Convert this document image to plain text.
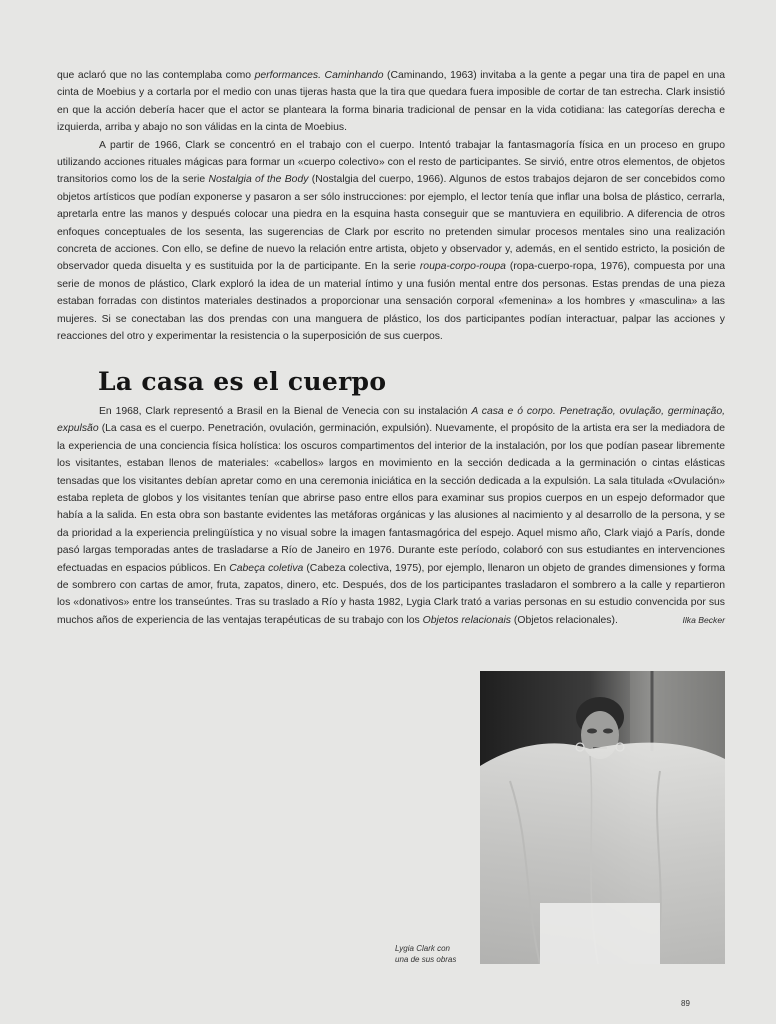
que aclaró que no las contemplaba como performances. Caminhando (Caminando, 1963) invitaba a la gente a pegar una tira de papel en una cinta de Moebius y a cortarla por el medio con unas tijeras hasta que la tira que quedara fuera imposible de cortar de tan estrecha. Clark insistió en que la acción debería hacer que el actor se planteara la forma binaria tradicional de pensar en la vida cotidiana: las categorías derecha e izquierda, arriba y abajo no son válidas en la cinta de Moebius.

A partir de 1966, Clark se concentró en el trabajo con el cuerpo. Intentó trabajar la fantasmagoría física en un proceso en grupo utilizando acciones rituales mágicas para formar un «cuerpo colectivo» con el resto de participantes. Se sirvió, entre otros elementos, de objetos transitorios como los de la serie Nostalgia of the Body (Nostalgia del cuerpo, 1966). Algunos de estos trabajos dejaron de ser concebidos como objetos artísticos que podían exponerse y pasaron a ser sólo instrucciones: por ejemplo, el lector tenía que inflar una bolsa de plástico, cerrarla, apretarla entre las manos y después colocar una piedra en la esquina hasta conseguir que se mantuviera en equilibrio. A diferencia de otros enfoques conceptuales de los sesenta, las sugerencias de Clark por escrito no pretenden simular procesos mentales sino una realización concreta de acciones. Con ello, se define de nuevo la relación entre artista, objeto y observador y, además, en el sentido estricto, la posición de observador queda disuelta y es sustituida por la de participante. En la serie roupa-corpo-roupa (ropa-cuerpo-ropa, 1976), compuesta por una serie de monos de plástico, Clark exploró la idea de un material íntimo y una fusión mental entre dos personas. Estas prendas de una pieza estaban forradas con distintos materiales destinados a proporcionar una sensación corporal «femenina» a los hombres y «masculina» a las mujeres. Si se conectaban las dos prendas con una manguera de plástico, los dos participantes podían interactuar, palpar las acciones y reacciones del otro y experimentar la resistencia o la superposición de sus cuerpos.

La casa es el cuerpo

En 1968, Clark representó a Brasil en la Bienal de Venecia con su instalación A casa e ó corpo. Penetração, ovulação, germinação, expulsão (La casa es el cuerpo. Penetración, ovulación, germinación, expulsión). Nuevamente, el propósito de la artista era ser la mediadora de la experiencia de una conciencia física holística: los oscuros compartimentos del interior de la instalación, por los que podían pasear libremente los visitantes, estaban llenos de materiales: «cabellos» largos en movimiento en la sección dedicada a la germinación o cintas elásticas tensadas que los visitantes debían apretar como en una ceremonia iniciática en la sección dedicada a la expulsión. La sala titulada «Ovulación» estaba repleta de globos y los visitantes tenían que abrirse paso entre ellos para examinar sus propios cuerpos en un espejo deformador que había a la salida. En esta obra son bastante evidentes las metáforas orgánicas y las alusiones al nacimiento y al desarrollo de la persona, y se da prioridad a la experiencia prelingüística y no visual sobre la imagen fantasmagórica del espejo. Aquel mismo año, Clark viajó a París, donde pasó largas temporadas antes de trasladarse a Río de Janeiro en 1976. Durante este período, colaboró con sus estudiantes en intervenciones efectuadas en espacios públicos. En Cabeça coletiva (Cabeza colectiva, 1975), por ejemplo, llenaron un objeto de grandes dimensiones y forma de sombrero con cartas de amor, fruta, zapatos, dinero, etc. Después, dos de los participantes trasladaron el sombrero a la calle y repartieron los «donativos» entre los transeúntes. Tras su traslado a Río y hasta 1982, Lygia Clark trató a varias personas en su estudio convencida por sus muchos años de experiencia de las ventajas terapéuticas de su trabajo con los Objetos relacionais (Objetos relacionales).	Ilka Becker
Lygia Clark con
una de sus obras
89
